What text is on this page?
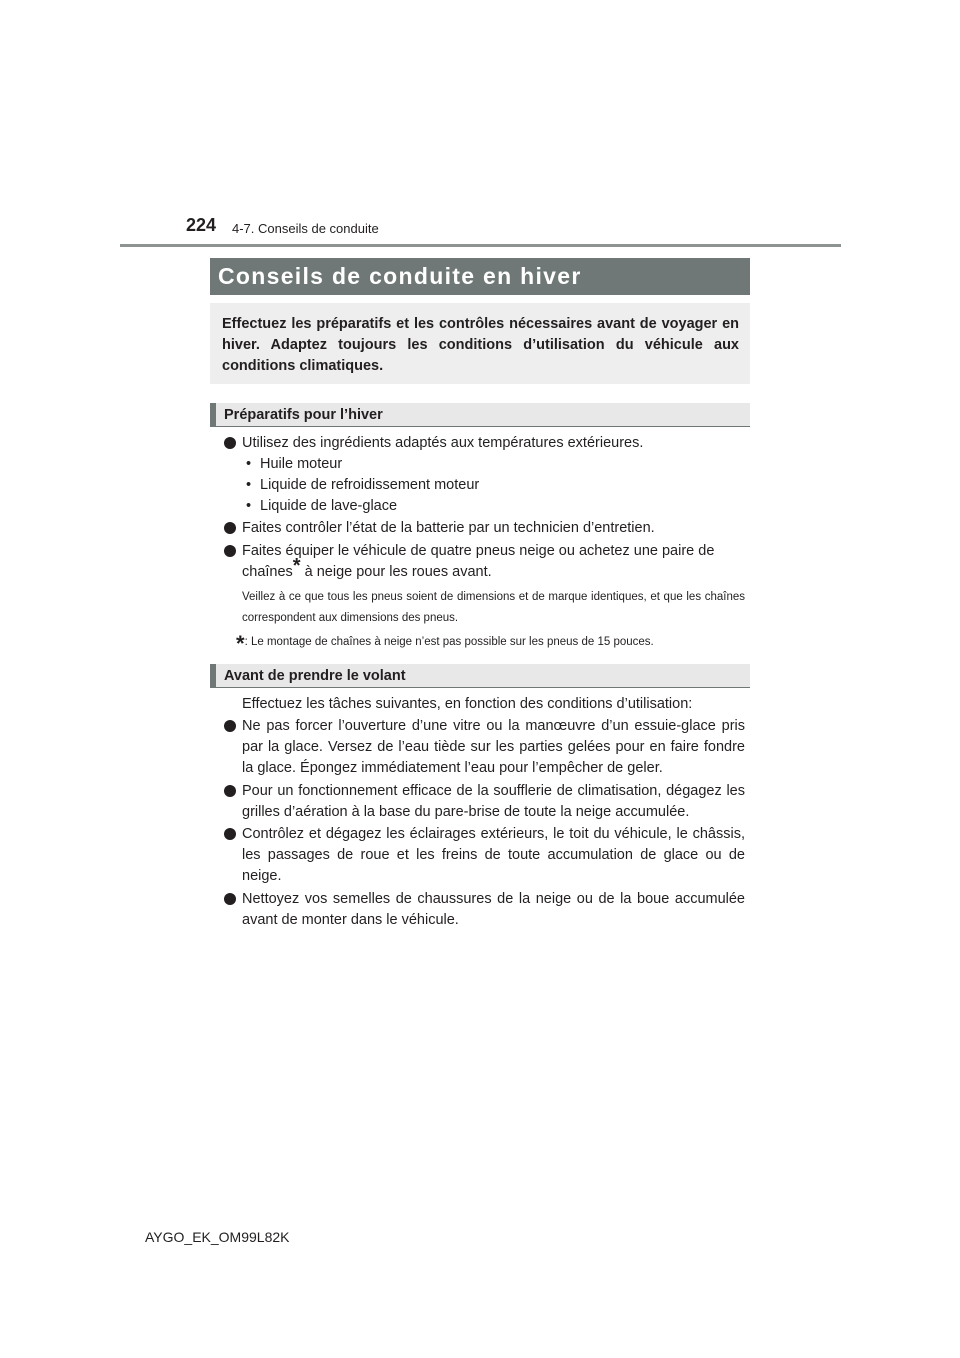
224 4-7. Conseils de conduite
Conseils de conduite en hiver
Effectuez les préparatifs et les contrôles nécessaires avant de voyager en hiver. Adaptez toujours les conditions d’utilisation du véhicule aux conditions climatiques.
Préparatifs pour l’hiver
Utilisez des ingrédients adaptés aux températures extérieures.
• Huile moteur
• Liquide de refroidissement moteur
• Liquide de lave-glace
Faites contrôler l’état de la batterie par un technicien d’entretien.
Faites équiper le véhicule de quatre pneus neige ou achetez une paire de
chaînes* à neige pour les roues avant.
Veillez à ce que tous les pneus soient de dimensions et de marque identiques, et que les chaînes correspondent aux dimensions des pneus.
*: Le montage de chaînes à neige n’est pas possible sur les pneus de 15 pouces.
Avant de prendre le volant
Effectuez les tâches suivantes, en fonction des conditions d’utilisation:
Ne pas forcer l’ouverture d’une vitre ou la manœuvre d’un essuie-glace pris par la glace. Versez de l’eau tiède sur les parties gelées pour en faire fondre la glace. Épongez immédiatement l’eau pour l’empêcher de geler.
Pour un fonctionnement efficace de la soufflerie de climatisation, dégagez les grilles d’aération à la base du pare-brise de toute la neige accumulée.
Contrôlez et dégagez les éclairages extérieurs, le toit du véhicule, le châssis, les passages de roue et les freins de toute accumulation de glace ou de neige.
Nettoyez vos semelles de chaussures de la neige ou de la boue accumulée avant de monter dans le véhicule.
AYGO_EK_OM99L82K
